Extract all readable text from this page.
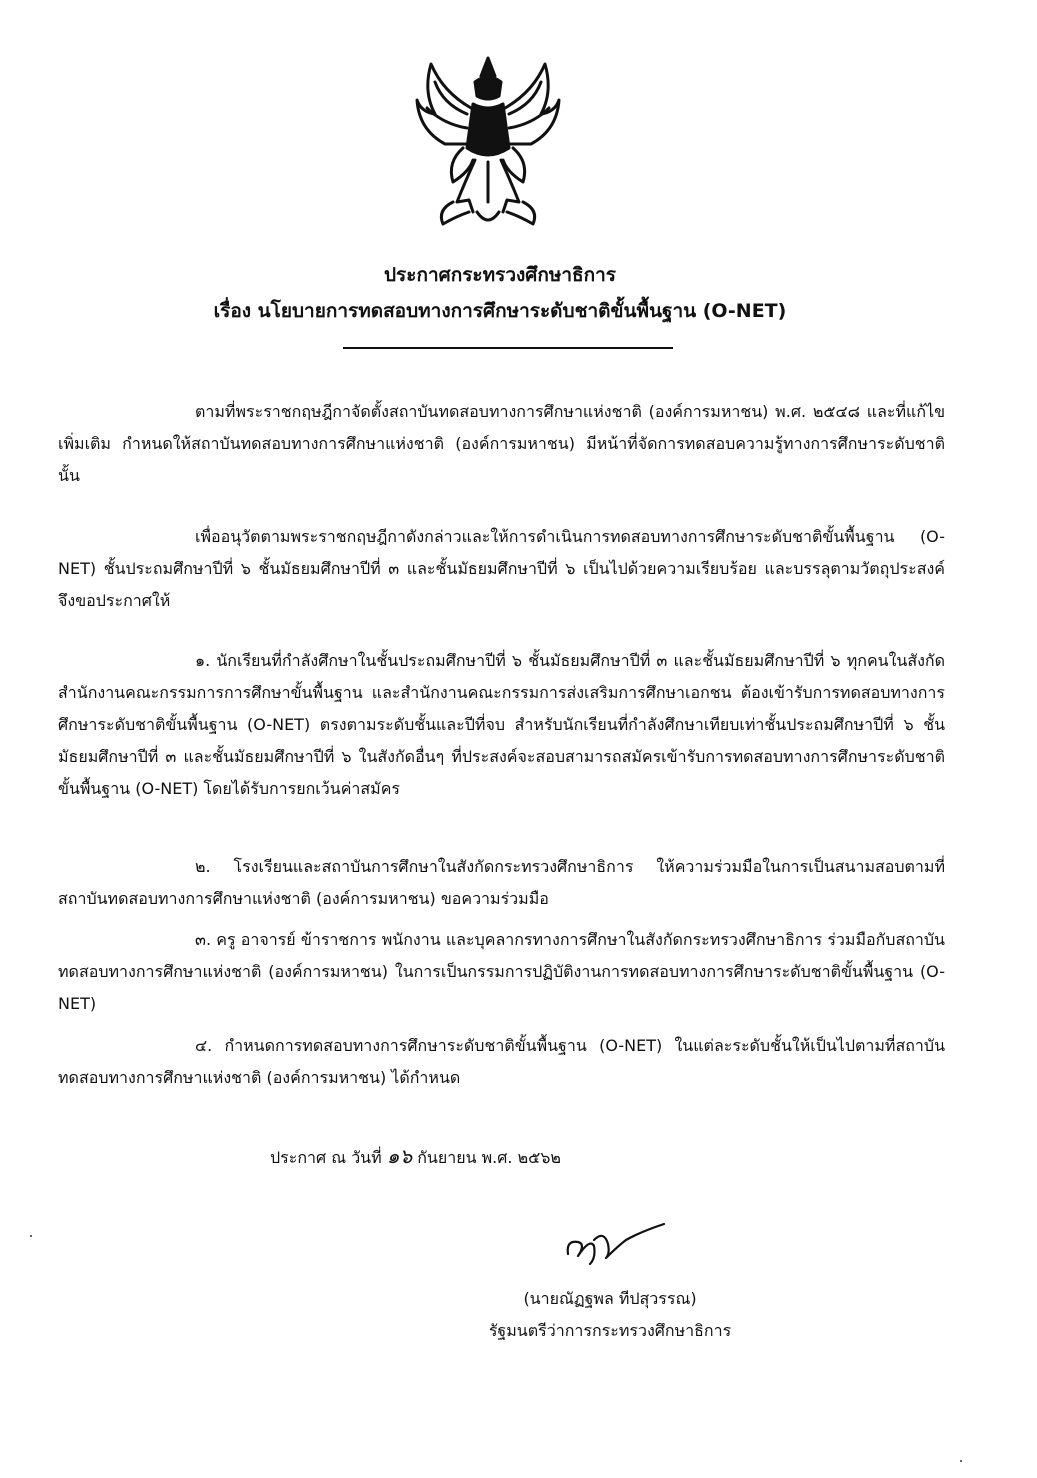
ประกาศกระทรวงศึกษาธิการ
เรื่อง นโยบายการทดสอบทางการศึกษาระดับชาติขั้นพื้นฐาน (O-NET)
ตามที่พระราชกฤษฎีกาจัดตั้งสถาบันทดสอบทางการศึกษาแห่งชาติ (องค์การมหาชน) พ.ศ. ๒๕๔๘ และที่แก้ไขเพิ่มเติม กำหนดให้สถาบันทดสอบทางการศึกษาแห่งชาติ (องค์การมหาชน) มีหน้าที่จัดการทดสอบความรู้ทางการศึกษาระดับชาติ นั้น
เพื่ออนุวัตตามพระราชกฤษฎีกาดังกล่าวและให้การดำเนินการทดสอบทางการศึกษาระดับชาติขั้นพื้นฐาน (O-NET) ชั้นประถมศึกษาปีที่ ๖ ชั้นมัธยมศึกษาปีที่ ๓ และชั้นมัธยมศึกษาปีที่ ๖ เป็นไปด้วยความเรียบร้อย และบรรลุตามวัตถุประสงค์ จึงขอประกาศให้
๑. นักเรียนที่กำลังศึกษาในชั้นประถมศึกษาปีที่ ๖ ชั้นมัธยมศึกษาปีที่ ๓ และชั้นมัธยมศึกษาปีที่ ๖ ทุกคนในสังกัด สำนักงานคณะกรรมการการศึกษาขั้นพื้นฐาน และสำนักงานคณะกรรมการส่งเสริมการศึกษาเอกชน ต้องเข้ารับการทดสอบทางการศึกษาระดับชาติขั้นพื้นฐาน (O-NET) ตรงตามระดับชั้นและปีที่จบ สำหรับนักเรียนที่กำลังศึกษาเทียบเท่าชั้นประถมศึกษาปีที่ ๖ ชั้นมัธยมศึกษาปีที่ ๓ และชั้นมัธยมศึกษาปีที่ ๖ ในสังกัดอื่นๆ ที่ประสงค์จะสอบสามารถสมัครเข้ารับการทดสอบทางการศึกษาระดับชาติขั้นพื้นฐาน (O-NET) โดยได้รับการยกเว้นค่าสมัคร
๒. โรงเรียนและสถาบันการศึกษาในสังกัดกระทรวงศึกษาธิการ ให้ความร่วมมือในการเป็นสนามสอบตามที่สถาบันทดสอบทางการศึกษาแห่งชาติ (องค์การมหาชน) ขอความร่วมมือ
๓. ครู อาจารย์ ข้าราชการ พนักงาน และบุคลากรทางการศึกษาในสังกัดกระทรวงศึกษาธิการ ร่วมมือกับสถาบันทดสอบทางการศึกษาแห่งชาติ (องค์การมหาชน) ในการเป็นกรรมการปฏิบัติงานการทดสอบทางการศึกษาระดับชาติขั้นพื้นฐาน (O-NET)
๔. กำหนดการทดสอบทางการศึกษาระดับชาติขั้นพื้นฐาน (O-NET) ในแต่ละระดับชั้นให้เป็นไปตามที่สถาบันทดสอบทางการศึกษาแห่งชาติ (องค์การมหาชน) ได้กำหนด
ประกาศ ณ วันที่ ๑๖ กันยายน พ.ศ. ๒๕๖๒
(นายณัฏฐพล ทีปสุวรรณ)
รัฐมนตรีว่าการกระทรวงศึกษาธิการ
